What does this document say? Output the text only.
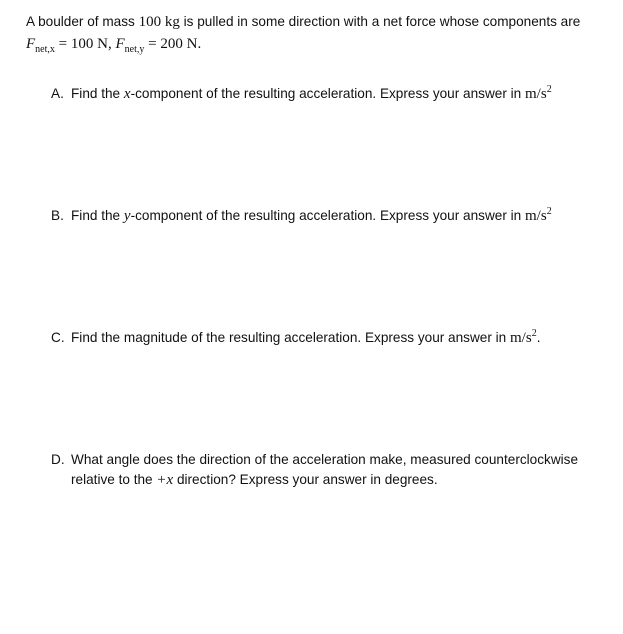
A boulder of mass 100 kg is pulled in some direction with a net force whose components are
$F_{net,x} = 100$ N, $F_{net,y} = 200$ N.
A. Find the x-component of the resulting acceleration. Express your answer in $m/s^2$
B. Find the y-component of the resulting acceleration. Express your answer in $m/s^2$
C. Find the magnitude of the resulting acceleration. Express your answer in $m/s^2$.
D. What angle does the direction of the acceleration make, measured counterclockwise relative to the +x direction? Express your answer in degrees.
